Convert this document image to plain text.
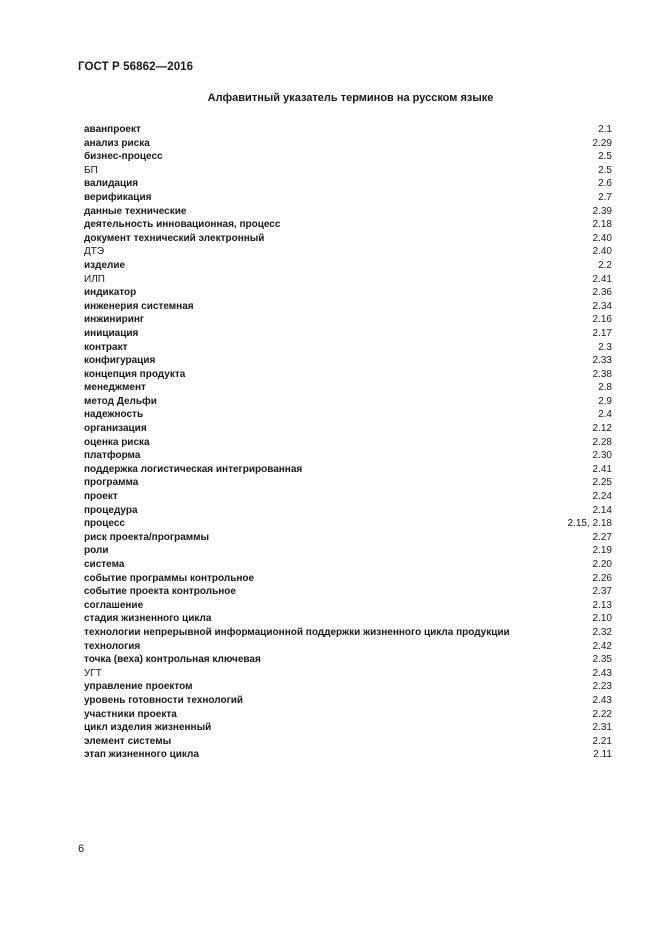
ГОСТ Р 56862—2016
Алфавитный указатель терминов на русском языке
аванпроект	2.1
анализ риска	2.29
бизнес-процесс	2.5
БП	2.5
валидация	2.6
верификация	2.7
данные технические	2.39
деятельность инновационная, процесс	2.18
документ технический электронный	2.40
ДТЭ	2.40
изделие	2.2
ИЛП	2.41
индикатор	2.36
инженерия системная	2.34
инжиниринг	2.16
инициация	2.17
контракт	2.3
конфигурация	2.33
концепция продукта	2.38
менеджмент	2.8
метод Дельфи	2.9
надежность	2.4
организация	2.12
оценка риска	2.28
платформа	2.30
поддержка логистическая интегрированная	2.41
программа	2.25
проект	2.24
процедура	2.14
процесс	2.15, 2.18
риск проекта/программы	2.27
роли	2.19
система	2.20
событие программы контрольное	2.26
событие проекта контрольное	2.37
соглашение	2.13
стадия жизненного цикла	2.10
технологии непрерывной информационной поддержки жизненного цикла продукции	2.32
технология	2.42
точка (веха) контрольная ключевая	2.35
УГТ	2.43
управление проектом	2.23
уровень готовности технологий	2.43
участники проекта	2.22
цикл изделия жизненный	2.31
элемент системы	2.21
этап жизненного цикла	2.11
6
